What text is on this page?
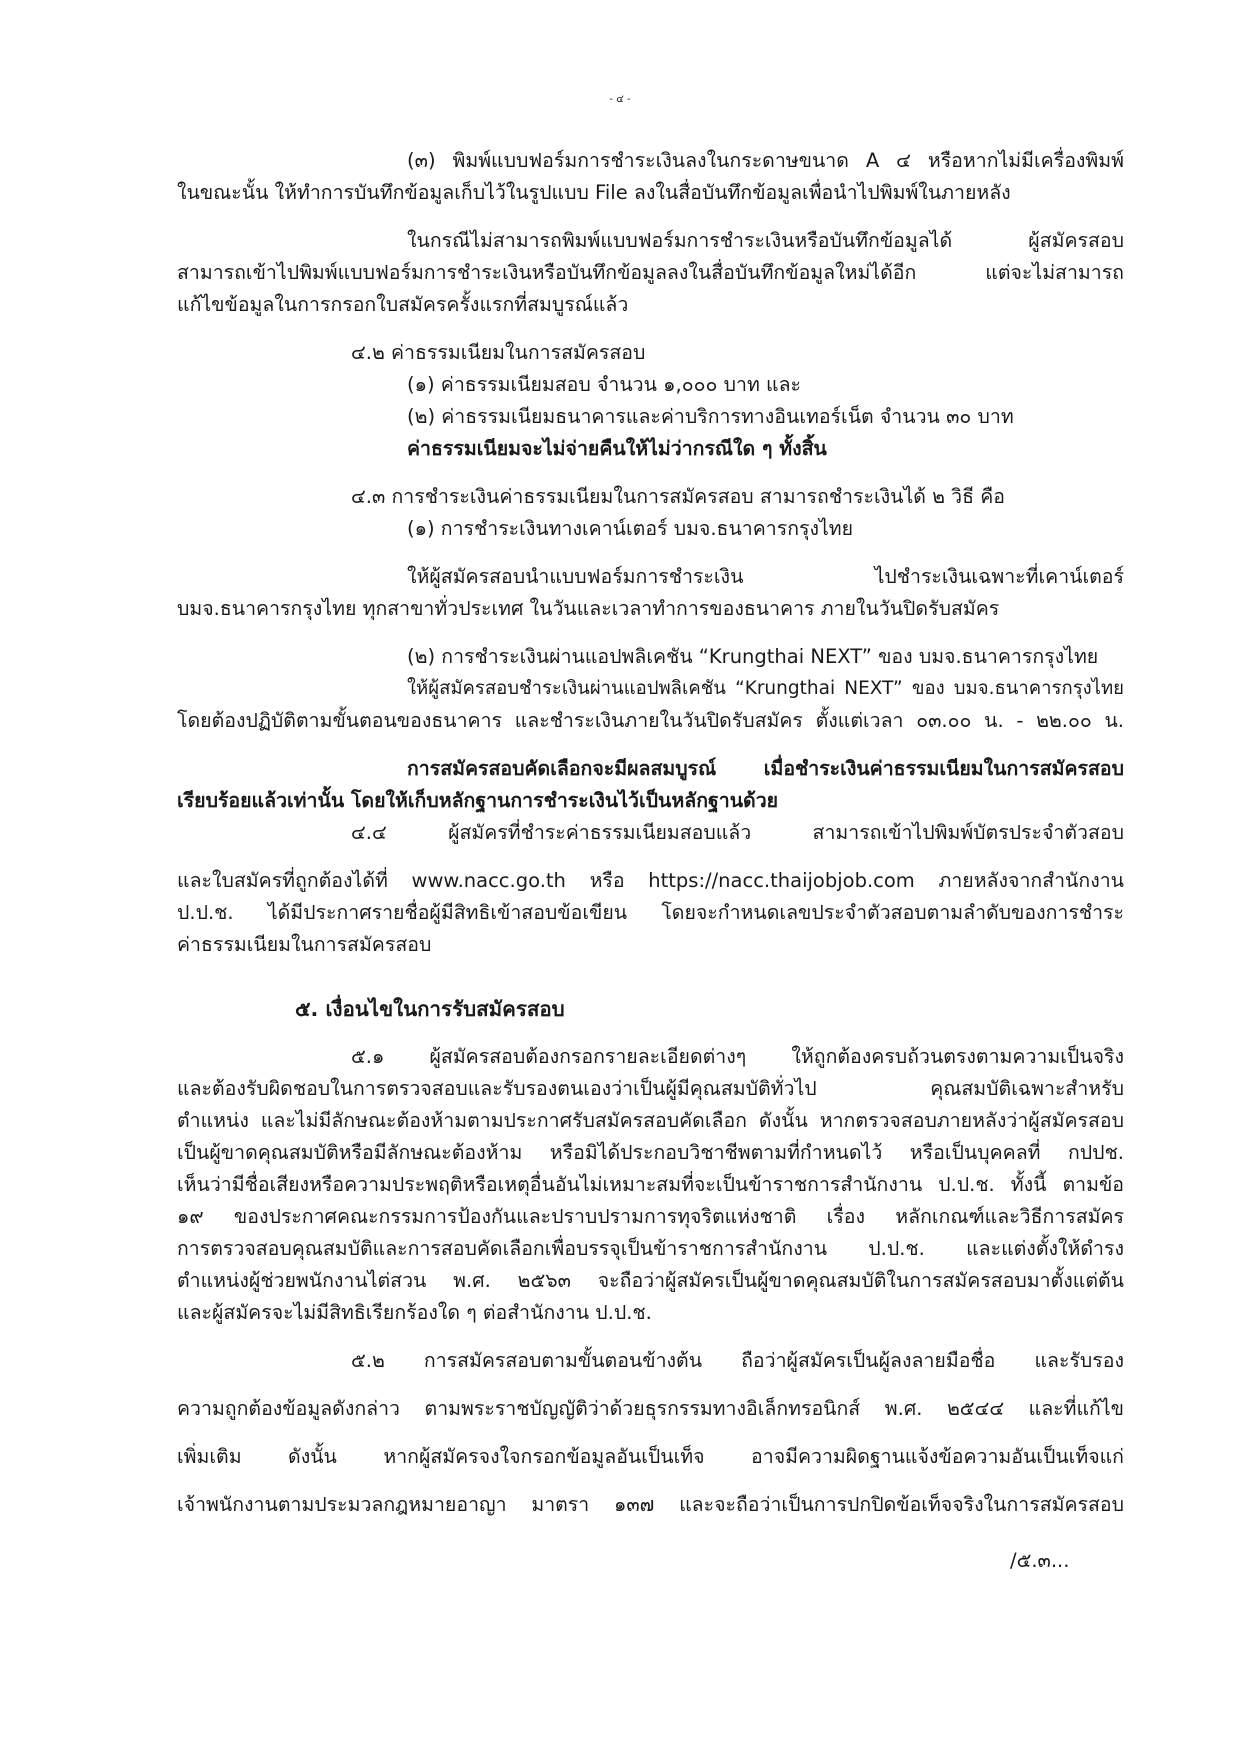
- ๔ -
(๓) พิมพ์แบบฟอร์มการชำระเงินลงในกระดาษขนาด A ๔ หรือหากไม่มีเครื่องพิมพ์
ในขณะนั้น ให้ทำการบันทึกข้อมูลเก็บไว้ในรูปแบบ File ลงในสื่อบันทึกข้อมูลเพื่อนำไปพิมพ์ในภายหลัง
ในกรณีไม่สามารถพิมพ์แบบฟอร์มการชำระเงินหรือบันทึกข้อมูลได้ ผู้สมัครสอบ
สามารถเข้าไปพิมพ์แบบฟอร์มการชำระเงินหรือบันทึกข้อมูลลงในสื่อบันทึกข้อมูลใหม่ได้อีก แต่จะไม่สามารถ
แก้ไขข้อมูลในการกรอกใบสมัครครั้งแรกที่สมบูรณ์แล้ว
๔.๒ ค่าธรรมเนียมในการสมัครสอบ
(๑) ค่าธรรมเนียมสอบ จำนวน ๑,๐๐๐ บาท และ
(๒) ค่าธรรมเนียมธนาคารและค่าบริการทางอินเทอร์เน็ต จำนวน ๓๐ บาท
ค่าธรรมเนียมจะไม่จ่ายคืนให้ไม่ว่ากรณีใด ๆ ทั้งสิ้น
๔.๓ การชำระเงินค่าธรรมเนียมในการสมัครสอบ สามารถชำระเงินได้ ๒ วิธี คือ
(๑) การชำระเงินทางเคาน์เตอร์ บมจ.ธนาคารกรุงไทย
ให้ผู้สมัครสอบนำแบบฟอร์มการชำระเงิน ไปชำระเงินเฉพาะที่เคาน์เตอร์
บมจ.ธนาคารกรุงไทย ทุกสาขาทั่วประเทศ ในวันและเวลาทำการของธนาคาร ภายในวันปิดรับสมัคร
(๒) การชำระเงินผ่านแอปพลิเคชัน “Krungthai NEXT” ของ บมจ.ธนาคารกรุงไทย
ให้ผู้สมัครสอบชำระเงินผ่านแอปพลิเคชัน “Krungthai NEXT” ของ บมจ.ธนาคารกรุงไทย
โดยต้องปฏิบัติตามขั้นตอนของธนาคาร และชำระเงินภายในวันปิดรับสมัคร ตั้งแต่เวลา ๐๓.๐๐ น. - ๒๒.๐๐ น.
การสมัครสอบคัดเลือกจะมีผลสมบูรณ์ เมื่อชำระเงินค่าธรรมเนียมในการสมัครสอบ
เรียบร้อยแล้วเท่านั้น โดยให้เก็บหลักฐานการชำระเงินไว้เป็นหลักฐานด้วย
๔.๔ ผู้สมัครที่ชำระค่าธรรมเนียมสอบแล้ว สามารถเข้าไปพิมพ์บัตรประจำตัวสอบ
และใบสมัครที่ถูกต้องได้ที่ www.nacc.go.th หรือ https://nacc.thaijobjob.com ภายหลังจากสำนักงาน
ป.ป.ช. ได้มีประกาศรายชื่อผู้มีสิทธิเข้าสอบข้อเขียน โดยจะกำหนดเลขประจำตัวสอบตามลำดับของการชำระ
ค่าธรรมเนียมในการสมัครสอบ
๕. เงื่อนไขในการรับสมัครสอบ
๕.๑ ผู้สมัครสอบต้องกรอกรายละเอียดต่างๆ ให้ถูกต้องครบถ้วนตรงตามความเป็นจริง
และต้องรับผิดชอบในการตรวจสอบและรับรองตนเองว่าเป็นผู้มีคุณสมบัติทั่วไป คุณสมบัติเฉพาะสำหรับ
ตำแหน่ง และไม่มีลักษณะต้องห้ามตามประกาศรับสมัครสอบคัดเลือก ดังนั้น หากตรวจสอบภายหลังว่าผู้สมัครสอบ
เป็นผู้ขาดคุณสมบัติหรือมีลักษณะต้องห้าม หรือมิได้ประกอบวิชาชีพตามที่กำหนดไว้ หรือเป็นบุคคลที่ กปปช.
เห็นว่ามีชื่อเสียงหรือความประพฤติหรือเหตุอื่นอันไม่เหมาะสมที่จะเป็นข้าราชการสำนักงาน ป.ป.ช. ทั้งนี้ ตามข้อ
๑๙ ของประกาศคณะกรรมการป้องกันและปราบปรามการทุจริตแห่งชาติ เรื่อง หลักเกณฑ์และวิธีการสมัคร
การตรวจสอบคุณสมบัติและการสอบคัดเลือกเพื่อบรรจุเป็นข้าราชการสำนักงาน ป.ป.ช. และแต่งตั้งให้ดำรง
ตำแหน่งผู้ช่วยพนักงานไต่สวน พ.ศ. ๒๕๖๓ จะถือว่าผู้สมัครเป็นผู้ขาดคุณสมบัติในการสมัครสอบมาตั้งแต่ต้น
และผู้สมัครจะไม่มีสิทธิเรียกร้องใด ๆ ต่อสำนักงาน ป.ป.ช.
๕.๒ การสมัครสอบตามขั้นตอนข้างต้น ถือว่าผู้สมัครเป็นผู้ลงลายมือชื่อ และรับรอง
ความถูกต้องข้อมูลดังกล่าว ตามพระราชบัญญัติว่าด้วยธุรกรรมทางอิเล็กทรอนิกส์ พ.ศ. ๒๕๔๔ และที่แก้ไข
เพิ่มเติม ดังนั้น หากผู้สมัครจงใจกรอกข้อมูลอันเป็นเท็จ อาจมีความผิดฐานแจ้งข้อความอันเป็นเท็จแก่
เจ้าพนักงานตามประมวลกฎหมายอาญา มาตรา ๑๓๗ และจะถือว่าเป็นการปกปิดข้อเท็จจริงในการสมัครสอบ
/๕.๓...
